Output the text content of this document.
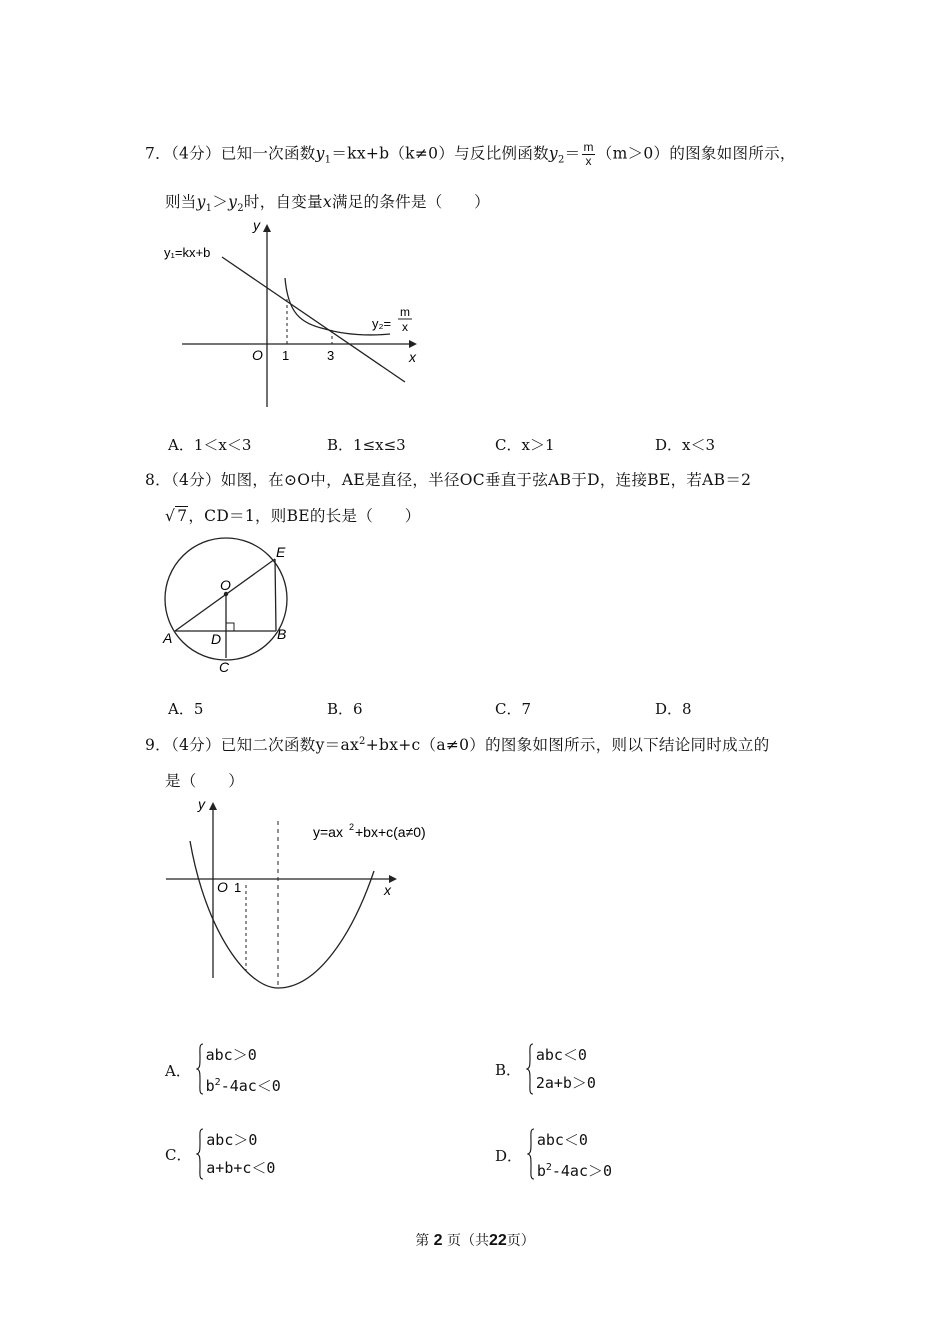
7．（4分）已知一次函数$y_1=kx+b(k\ne 0)$与反比例函数$y_2= \frac{m}{x} (m>0)$的图象如图所示，
则当$y_1>y_2$时，自变量x满足的条件是（　　）
y₁=kx+b
y₂=
m
x
y
x
O 1	3
A．1＜x＜3	B．1≤x≤3	C．x＞1	D．x＜3
8．（4分）如图，在⊙O中，AE是直径，半径OC垂直于弦AB于D，连接BE，若AB＝2
√ 7，CD＝1，则BE的长是（　　）
E
O
A	D	B
C
A．5	B．6	C．7	D．8
9．（4分）已知二次函数$y=ax^2+bx+c(a\ne 0)$的图象如图所示，则以下结论同时成立的
是（　　）
y=ax 2 +bx+c(a≠0)
y
x
O 1
A．
abc＞0
$b^2-4ac<0$
B．
abc＜0
2a+b＞0
C．
abc＞0
a+b+c＜0
D．
abc＜0
$b^2-4ac>0$
第 2 页（共22页）
